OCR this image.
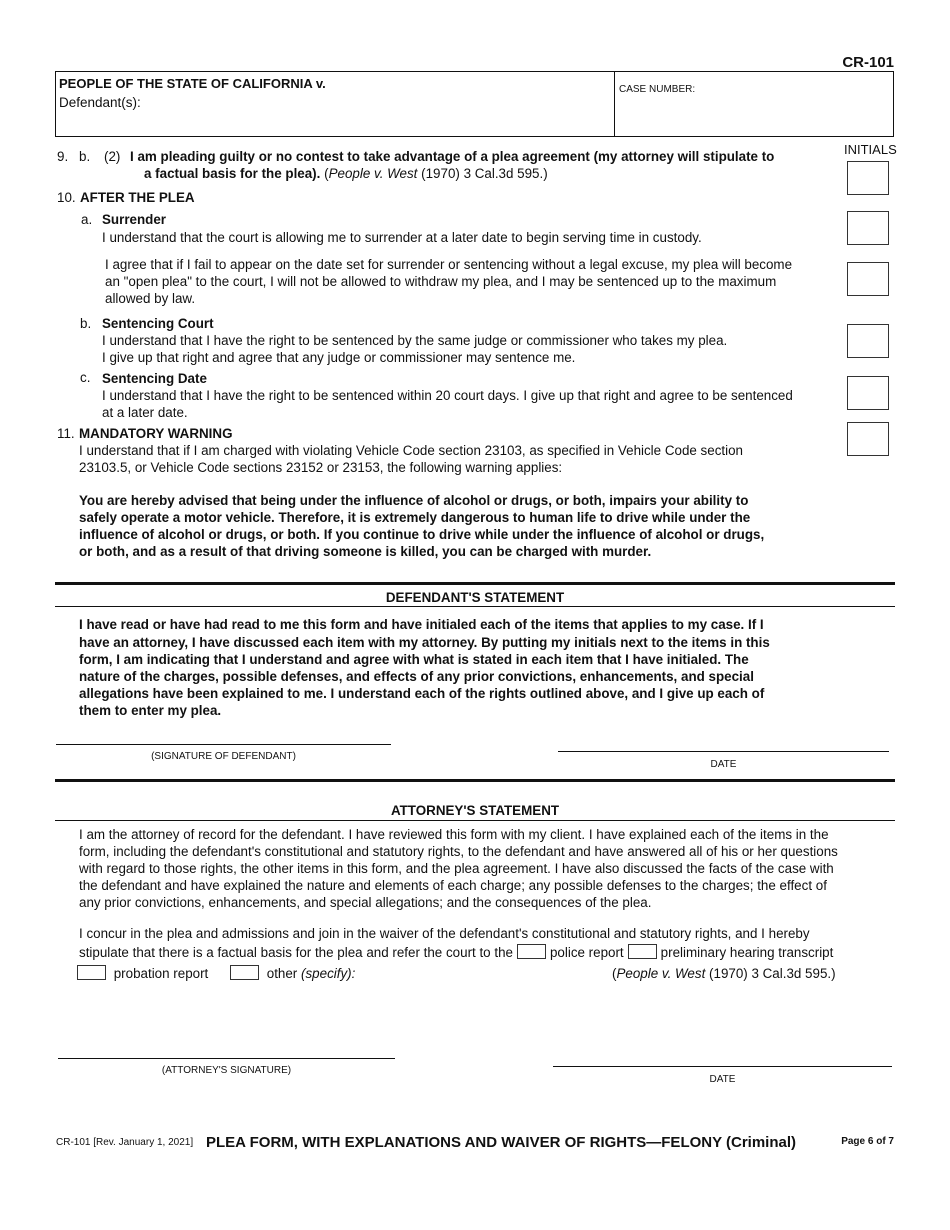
CR-101
PEOPLE OF THE STATE OF CALIFORNIA v.
Defendant(s):
CASE NUMBER:
INITIALS
9. b. (2) I am pleading guilty or no contest to take advantage of a plea agreement (my attorney will stipulate to
a factual basis for the plea). (People v. West (1970) 3 Cal.3d 595.)
10. AFTER THE PLEA
a. Surrender
I understand that the court is allowing me to surrender at a later date to begin serving time in custody.
I agree that if I fail to appear on the date set for surrender or sentencing without a legal excuse, my plea will become
an "open plea" to the court, I will not be allowed to withdraw my plea, and I may be sentenced up to the maximum
allowed by law.
b. Sentencing Court
I understand that I have the right to be sentenced by the same judge or commissioner who takes my plea.
I give up that right and agree that any judge or commissioner may sentence me.
c. Sentencing Date
I understand that I have the right to be sentenced within 20 court days. I give up that right and agree to be sentenced
at a later date.
11. MANDATORY WARNING
I understand that if I am charged with violating Vehicle Code section 23103, as specified in Vehicle Code section
23103.5, or Vehicle Code sections 23152 or 23153, the following warning applies:
You are hereby advised that being under the influence of alcohol or drugs, or both, impairs your ability to
safely operate a motor vehicle. Therefore, it is extremely dangerous to human life to drive while under the
influence of alcohol or drugs, or both. If you continue to drive while under the influence of alcohol or drugs,
or both, and as a result of that driving someone is killed, you can be charged with murder.
DEFENDANT'S STATEMENT
I have read or have had read to me this form and have initialed each of the items that applies to my case. If I
have an attorney, I have discussed each item with my attorney. By putting my initials next to the items in this
form, I am indicating that I understand and agree with what is stated in each item that I have initialed. The
nature of the charges, possible defenses, and effects of any prior convictions, enhancements, and special
allegations have been explained to me. I understand each of the rights outlined above, and I give up each of
them to enter my plea.
(SIGNATURE OF DEFENDANT)
DATE
ATTORNEY'S STATEMENT
I am the attorney of record for the defendant. I have reviewed this form with my client. I have explained each of the items in the
form, including the defendant's constitutional and statutory rights, to the defendant and have answered all of his or her questions
with regard to those rights, the other items in this form, and the plea agreement. I have also discussed the facts of the case with
the defendant and have explained the nature and elements of each charge; any possible defenses to the charges; the effect of
any prior convictions, enhancements, and special allegations; and the consequences of the plea.
I concur in the plea and admissions and join in the waiver of the defendant's constitutional and statutory rights, and I hereby
stipulate that there is a factual basis for the plea and refer the court to the	police report	preliminary hearing transcript
probation report	other (specify):	(People v. West (1970) 3 Cal.3d 595.)
(ATTORNEY'S SIGNATURE)
DATE
CR-101 [Rev. January 1, 2021] PLEA FORM, WITH EXPLANATIONS AND WAIVER OF RIGHTS—FELONY (Criminal)	Page 6 of 7
